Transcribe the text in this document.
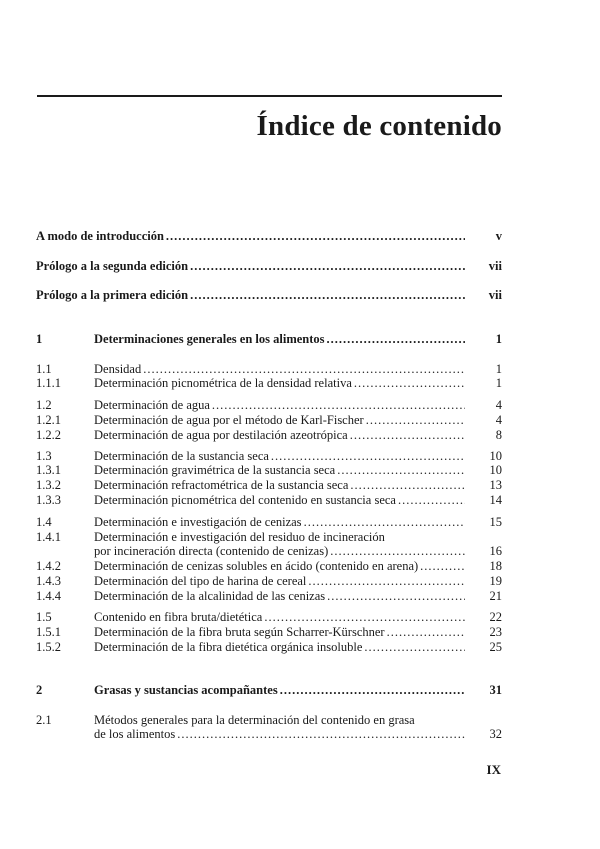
Índice de contenido
A modo de introducción .....	v
Prólogo a la segunda edición .....	vii
Prólogo a la primera edición .....	vii
1	Determinaciones generales en los alimentos .....	1
1.1	Densidad .....	1
1.1.1	Determinación picnométrica de la densidad relativa .....	1
1.2	Determinación de agua .....	4
1.2.1	Determinación de agua por el método de Karl-Fischer .....	4
1.2.2	Determinación de agua por destilación azeotrópica .....	8
1.3	Determinación de la sustancia seca .....	10
1.3.1	Determinación gravimétrica de la sustancia seca .....	10
1.3.2	Determinación refractométrica de la sustancia seca .....	13
1.3.3	Determinación picnométrica del contenido en sustancia seca .....	14
1.4	Determinación e investigación de cenizas .....	15
1.4.1	Determinación e investigación del residuo de incineración
por incineración directa (contenido de cenizas) .....	16
1.4.2	Determinación de cenizas solubles en ácido (contenido en arena) .....	18
1.4.3	Determinación del tipo de harina de cereal .....	19
1.4.4	Determinación de la alcalinidad de las cenizas .....	21
1.5	Contenido en fibra bruta/dietética .....	22
1.5.1	Determinación de la fibra bruta según Scharrer-Kürschner .....	23
1.5.2	Determinación de la fibra dietética orgánica insoluble .....	25
2	Grasas y sustancias acompañantes .....	31
2.1	Métodos generales para la determinación del contenido en grasa
de los alimentos .....	32
IX
